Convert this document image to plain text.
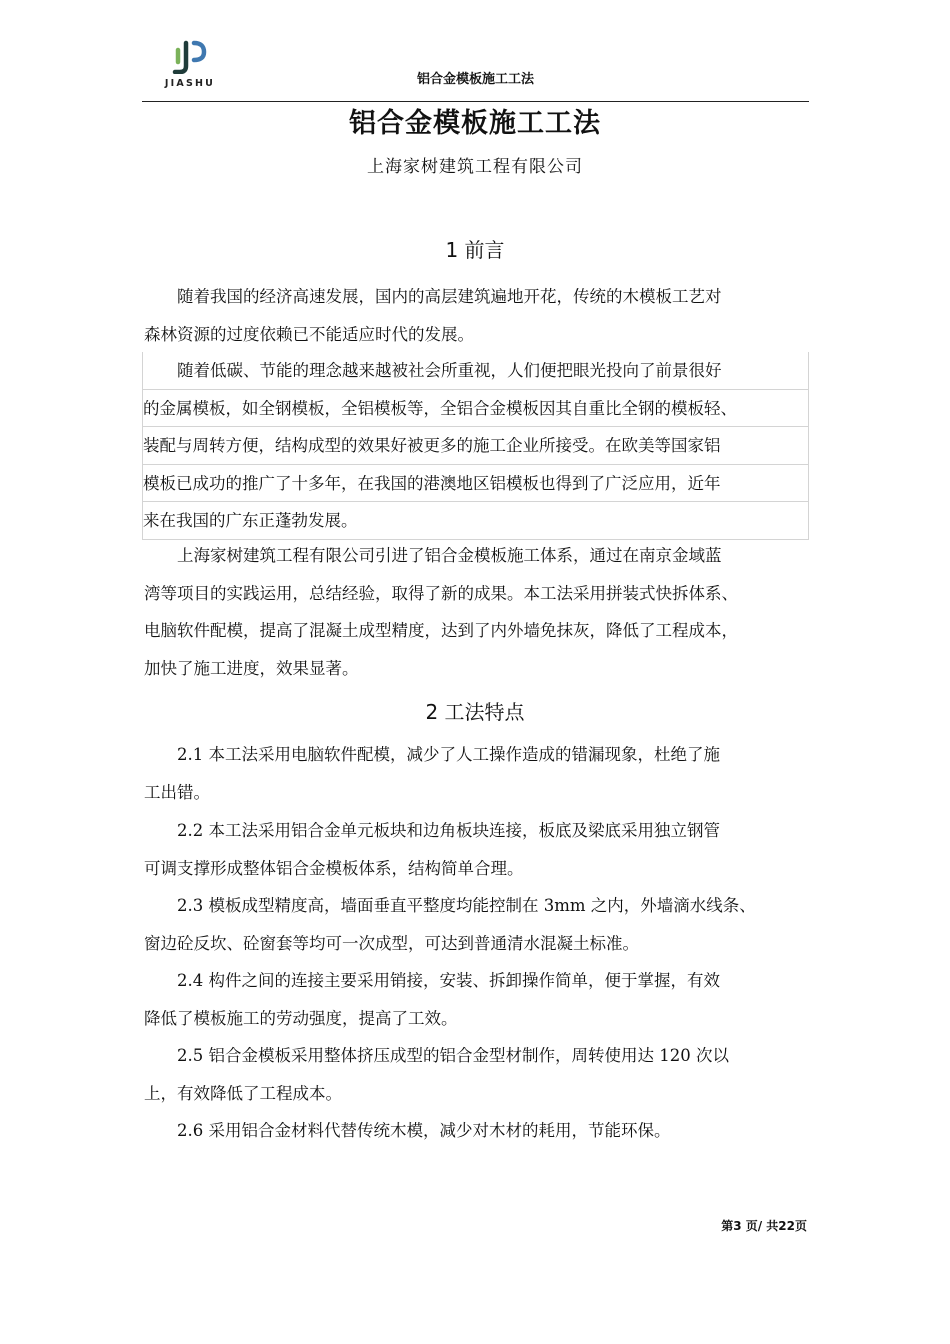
JIASHU	铝合金模板施工工法
铝合金模板施工工法
上海家树建筑工程有限公司
1 前言

随着我国的经济高速发展，国内的高层建筑遍地开花，传统的木模板工艺对
森林资源的过度依赖已不能适应时代的发展。

随着低碳、节能的理念越来越被社会所重视，人们便把眼光投向了前景很好
的金属模板，如全钢模板，全铝模板等，全铝合金模板因其自重比全钢的模板轻、
装配与周转方便，结构成型的效果好被更多的施工企业所接受。在欧美等国家铝
模板已成功的推广了十多年，在我国的港澳地区铝模板也得到了广泛应用，近年
来在我国的广东正蓬勃发展。

上海家树建筑工程有限公司引进了铝合金模板施工体系，通过在南京金域蓝
湾等项目的实践运用，总结经验，取得了新的成果。本工法采用拼装式快拆体系、
电脑软件配模，提高了混凝土成型精度，达到了内外墙免抹灰，降低了工程成本，
加快了施工进度，效果显著。

2 工法特点

2.1 本工法采用电脑软件配模，减少了人工操作造成的错漏现象，杜绝了施
工出错。

2.2 本工法采用铝合金单元板块和边角板块连接，板底及梁底采用独立钢管
可调支撑形成整体铝合金模板体系，结构简单合理。

2.3 模板成型精度高，墙面垂直平整度均能控制在 3mm 之内，外墙滴水线条、
窗边砼反坎、砼窗套等均可一次成型，可达到普通清水混凝土标准。

2.4 构件之间的连接主要采用销接，安装、拆卸操作简单，便于掌握，有效
降低了模板施工的劳动强度，提高了工效。

2.5 铝合金模板采用整体挤压成型的铝合金型材制作，周转使用达 120 次以
上，有效降低了工程成本。

2.6 采用铝合金材料代替传统木模，减少对木材的耗用，节能环保。

第3 页/ 共22页
